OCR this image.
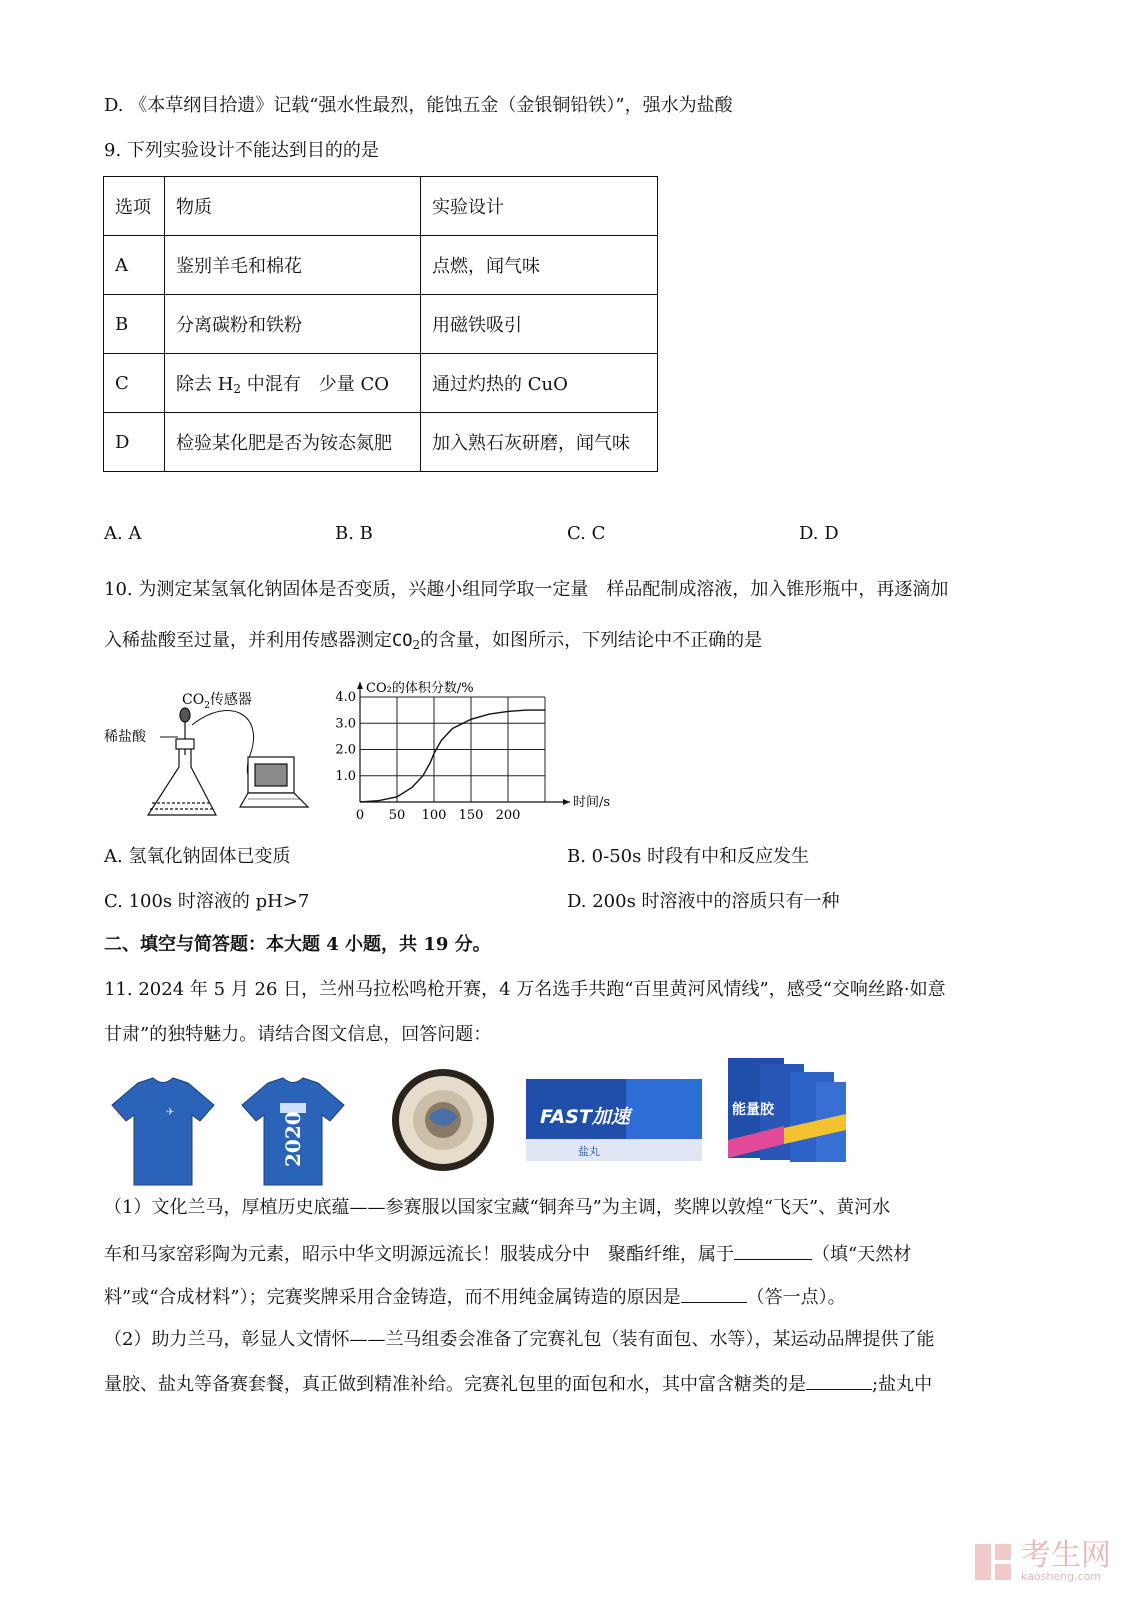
D. 《本草纲目拾遗》记载“强水性最烈，能蚀五金（金银铜铅铁）”，强水为盐酸
9. 下列实验设计不能达到目的的是
选项	物质	实验设计
A	鉴别羊毛和棉花	点燃，闻气味
B	分离碳粉和铁粉	用磁铁吸引
C	除去 $H_2$ 中混有　少量 CO	通过灼热的 CuO
D	检验某化肥是否为铵态氮肥	加入熟石灰研磨，闻气味
A. A	B. B	C. C	D. D
10. 为测定某氢氧化钠固体是否变质，兴趣小组同学取一定量　样品配制成溶液，加入锥形瓶中，再逐滴加
入稀盐酸至过量，并利用传感器测定$CO_2$的含量，如图所示，下列结论中不正确的是
稀盐酸
$CO_2$传感器
CO₂的体积分数/%
时间/s
0 50 100 150 200
1.0
2.0
3.0
4.0
A. 氢氧化钠固体已变质	B. 0-50s 时段有中和反应发生
C. 100s 时溶液的 pH>7	D. 200s 时溶液中的溶质只有一种
二、填空与简答题：本大题 4 小题，共 19 分。
11. 2024 年 5 月 26 日，兰州马拉松鸣枪开赛，4 万名选手共跑“百里黄河风情线”，感受“交响丝路·如意
甘肃”的独特魅力。请结合图文信息，回答问题：
✈	2020	FAST加速
盐丸
能量胶
（1）文化兰马，厚植历史底蕴——参赛服以国家宝藏“铜奔马”为主调，奖牌以敦煌“飞天”、黄河水
车和马家窑彩陶为元素，昭示中华文明源远流长！服装成分中　聚酯纤维，属于	（填“天然材
料”或“合成材料”）；完赛奖牌采用合金铸造，而不用纯金属铸造的原因是	（答一点）。
（2）助力兰马，彰显人文情怀——兰马组委会准备了完赛礼包（装有面包、水等），某运动品牌提供了能
量胶、盐丸等备赛套餐，真正做到精准补给。完赛礼包里的面包和水，其中富含糖类的是	;盐丸中
考生网
kaosheng.com
